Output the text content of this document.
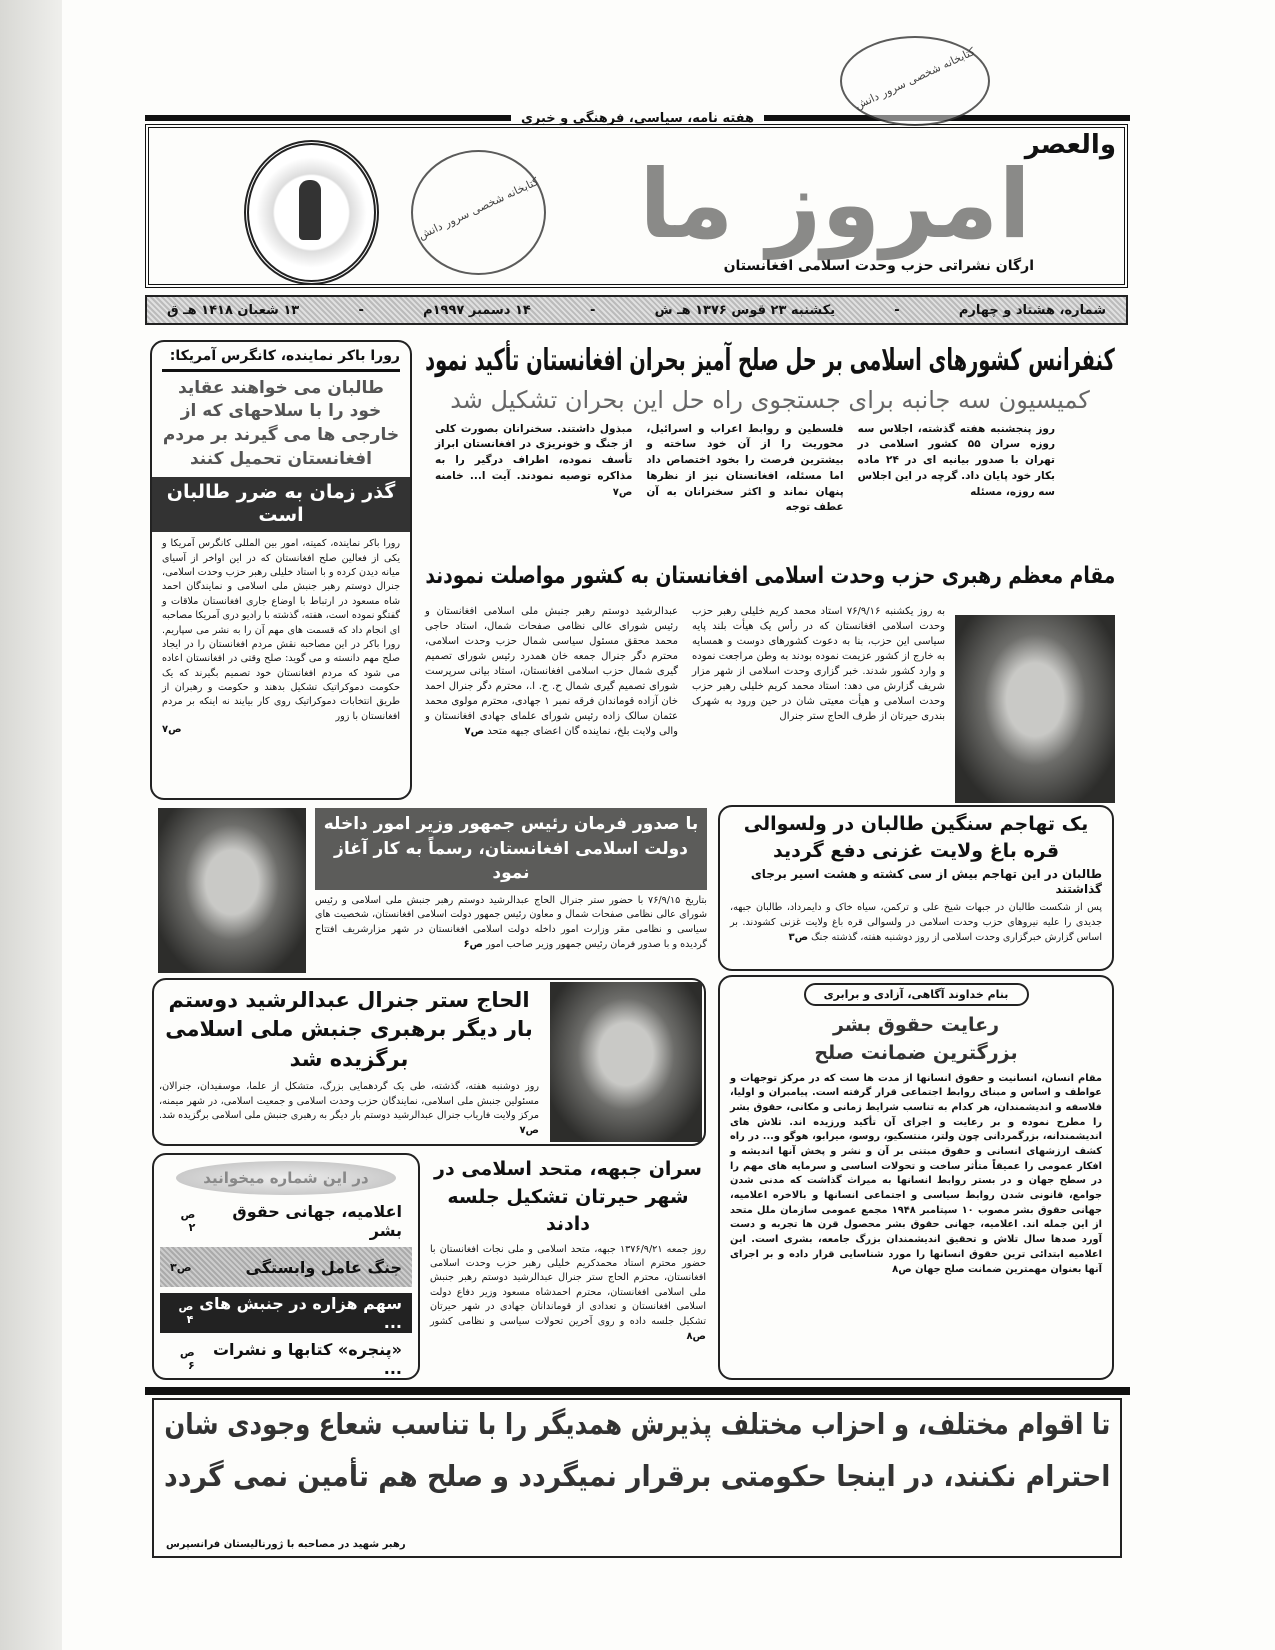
هفته نامه، سیاسی، فرهنگی و خبری
کتابخانه شخصی سرور دانش امروز ما
والعصر
ارگان نشراتی حزب وحدت اسلامی افغانستان
کتابخانه شخصی سرور دانش
شماره، هشتاد و چهارم
-
یکشنبه ۲۳ قوس ۱۳۷۶ هـ ش
-
۱۴ دسمبر ۱۹۹۷م
-
۱۳ شعبان ۱۴۱۸ هـ ق
رورا باکر نماینده، کانگرس آمریکا:
طالبان می خواهند عقاید خود را با سلاحهای که از خارجی ها می گیرند بر مردم افغانستان تحمیل کنند
گذر زمان به ضرر طالبان است
رورا باکر نماینده، کمیته، امور بین المللی کانگرس آمریکا و یکی از فعالین صلح افغانستان که در این اواخر از آسیای میانه دیدن کرده و با استاد خلیلی رهبر حزب وحدت اسلامی، جنرال دوستم رهبر جنبش ملی اسلامی و نمایندگان احمد شاه مسعود در ارتباط با اوضاع جاری افغانستان ملاقات و گفتگو نموده است، هفته، گذشته با رادیو دری آمریکا مصاحبه ای انجام داد که قسمت های مهم آن را به نشر می سپاریم. رورا باکر در این مصاحبه نقش مردم افغانستان را در ایجاد صلح مهم دانسته و می گوید: صلح وقتی در افغانستان اعاده می شود که مردم افغانستان خود تصمیم بگیرند که یک حکومت دموکراتیک تشکیل بدهند و حکومت و رهبران از طریق انتخابات دموکراتیک روی کار بیایند نه اینکه بر مردم افغانستان با زور
ص۷
کنفرانس کشورهای اسلامی بر حل صلح آمیز بحران افغانستان تأکید نمود
کمیسیون سه جانبه برای جستجوی راه حل این بحران تشکیل شد
روز پنجشنبه هفته گذشته، اجلاس سه روزه سران ۵۵ کشور اسلامی در تهران با صدور بیانیه ای در ۲۴ ماده بکار خود پایان داد. گرچه در این اجلاس سه روزه، مسئله
فلسطین و روابط اعراب و اسرائیل، محوریت را از آن خود ساخته و بیشترین فرصت را بخود اختصاص داد اما مسئله، افغانستان نیز از نظرها پنهان نماند و اکثر سخنرانان به آن عطف توجه
مبذول داشتند. سخنرانان بصورت کلی از جنگ و خونریزی در افغانستان ابراز تأسف نموده، اطراف درگیر را به مذاکره توصیه نمودند. آیت ا... خامنه ص۷
مقام معظم رهبری حزب وحدت اسلامی افغانستان به کشور مواصلت نمودند
به روز یکشنبه ۷۶/۹/۱۶ استاد محمد کریم خلیلی رهبر حزب وحدت اسلامی افغانستان که در رأس یک هیأت بلند پایه سیاسی این حزب، بنا به دعوت کشورهای دوست و همسایه به خارج از کشور عزیمت نموده بودند به وطن مراجعت نموده و وارد کشور شدند. خبر گزاری وحدت اسلامی از شهر مزار شریف گزارش می دهد: استاد محمد کریم خلیلی رهبر حزب وحدت اسلامی و هیأت معیتی شان در حین ورود به شهرک بندری حیرتان از طرف الحاج ستر جنرال
عبدالرشید دوستم رهبر جنبش ملی اسلامی افغانستان و رئیس شورای عالی نظامی صفحات شمال، استاد حاجی محمد محقق مسئول سیاسی شمال حزب وحدت اسلامی، محترم دگر جنرال جمعه خان همدرد رئیس شورای تصمیم گیری شمال حزب اسلامی افغانستان، استاد بیانی سرپرست شورای تصمیم گیری شمال ح. ح. ا.، محترم دگر جنرال احمد خان آزاده قوماندان فرقه نمبر ۱ جهادی، محترم مولوی محمد عثمان سالک زاده رئیس شورای علمای جهادی افغانستان و والی ولایت بلخ، نماینده گان اعضای جبهه متحد ص۷
با صدور فرمان رئیس جمهور وزیر امور داخله دولت اسلامی افغانستان، رسماً به کار آغاز نمود
بتاریخ ۷۶/۹/۱۵ با حضور ستر جنرال الحاج عبدالرشید دوستم رهبر جنبش ملی اسلامی و رئیس شورای عالی نظامی صفحات شمال و معاون رئیس جمهور دولت اسلامی افغانستان، شخصیت های سیاسی و نظامی مقر وزارت امور داخله دولت اسلامی افغانستان در شهر مزارشریف افتتاح گردیده و با صدور فرمان رئیس جمهور وزیر صاحب امور ص۶
یک تهاجم سنگین طالبان در ولسوالی قره باغ ولایت غزنی دفع گردید
طالبان در این تهاجم بیش از سی کشته و هشت اسیر برجای گذاشتند
پس از شکست طالبان در جبهات شیخ علی و ترکمن، سیاه خاک و دایمرداد، طالبان جبهه، جدیدی را علیه نیروهای حزب وحدت اسلامی در ولسوالی قره باغ ولایت غزنی کشودند. بر اساس گزارش خبرگزاری وحدت اسلامی از روز دوشنبه هفته، گذشته جنگ ص۳
الحاج ستر جنرال عبدالرشید دوستم بار دیگر برهبری جنبش ملی اسلامی برگزیده شد
روز دوشنبه هفته، گذشته، طی یک گردهمایی بزرگ، متشکل از علما، موسفیدان، جنرالان، مسئولین جنبش ملی اسلامی، نمایندگان حزب وحدت اسلامی و جمعیت اسلامی، در شهر میمنه، مرکز ولایت فاریاب جنرال عبدالرشید دوستم بار دیگر به رهبری جنبش ملی اسلامی برگزیده شد. ص۷
بنام خداوند آگاهی، آزادی و برابری
رعایت حقوق بشر
بزرگترین ضمانت صلح
مقام انسان، انسانیت و حقوق انسانها از مدت ها ست که در مرکز توجهات و عواطف و اساس و مبنای روابط اجتماعی قرار گرفته است. پیامبران و اولیا، فلاسفه و اندیشمندان، هر کدام به تناسب شرایط زمانی و مکانی، حقوق بشر را مطرح نموده و بر رعایت و اجرای آن تأکید ورزیده اند. تلاش های اندیشمندانه، بزرگمردانی چون ولتر، منتسکیو، روسو، میرابو، هوگو و... در راه کشف ارزشهای انسانی و حقوق مبتنی بر آن و نشر و پخش آنها اندیشه و افکار عمومی را عمیقاً متأثر ساخت و تحولات اساسی و سرمایه های مهم را در سطح جهان و در بستر روابط انسانها به میراث گذاشت که مدنی شدن جوامع، قانونی شدن روابط سیاسی و اجتماعی انسانها و بالاخره اعلامیه، جهانی حقوق بشر مصوب ۱۰ سپتامبر ۱۹۴۸ مجمع عمومی سازمان ملل متحد از این جمله اند. اعلامیه، جهانی حقوق بشر محصول قرن ها تجربه و دست آورد صدها سال تلاش و تحقیق اندیشمندان بزرگ جامعه، بشری است. این اعلامیه ابتدائی ترین حقوق انسانها را مورد شناسایی قرار داده و بر اجرای آنها بعنوان مهمترین ضمانت صلح جهان ص۸
در این شماره میخوانید
اعلامیه، جهانی حقوق بشر
ص ۲
جنگ عامل وابستگی
ص۳
سهم هزاره در جنبش های ...
ص ۴
«پنجره» کتابها و نشرات ...
ص ۶
سران جبهه، متحد اسلامی در شهر حیرتان تشکیل جلسه دادند
روز جمعه ۱۳۷۶/۹/۲۱ جبهه، متحد اسلامی و ملی نجات افغانستان با حضور محترم استاد محمدکریم خلیلی رهبر حزب وحدت اسلامی افغانستان، محترم الحاج ستر جنرال عبدالرشید دوستم رهبر جنبش ملی اسلامی افغانستان، محترم احمدشاه مسعود وزیر دفاع دولت اسلامی افغانستان و تعدادی از قوماندانان جهادی در شهر حیرتان تشکیل جلسه داده و روی آخرین تحولات سیاسی و نظامی کشور ص۸
تا اقوام مختلف، و احزاب مختلف پذیرش همدیگر را با تناسب شعاع وجودی شان
احترام نکنند، در اینجا حکومتی برقرار نمیگردد و صلح هم تأمین نمی گردد
رهبر شهید در مصاحبه با ژورنالیستان فرانسپرس
